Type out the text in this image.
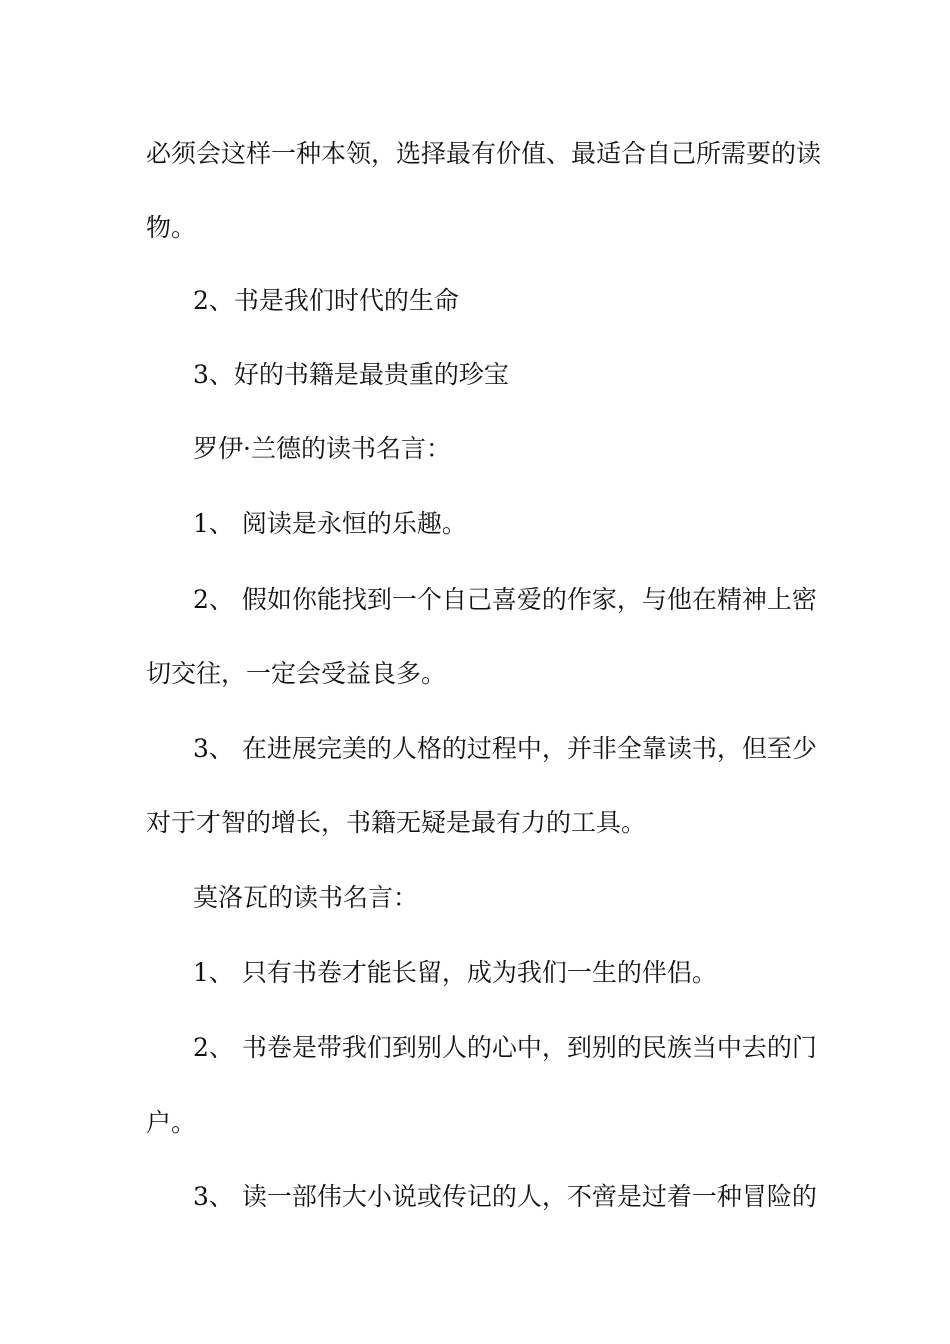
必须会这样一种本领，选择最有价值、最适合自己所需要的读

物。

2、书是我们时代的生命

3、好的书籍是最贵重的珍宝

罗伊·兰德的读书名言：

1、 阅读是永恒的乐趣。

2、 假如你能找到一个自己喜爱的作家，与他在精神上密

切交往，一定会受益良多。

3、 在进展完美的人格的过程中，并非全靠读书，但至少

对于才智的增长，书籍无疑是最有力的工具。

莫洛瓦的读书名言：

1、 只有书卷才能长留，成为我们一生的伴侣。

2、 书卷是带我们到别人的心中，到别的民族当中去的门

户。

3、 读一部伟大小说或传记的人，不啻是过着一种冒险的
